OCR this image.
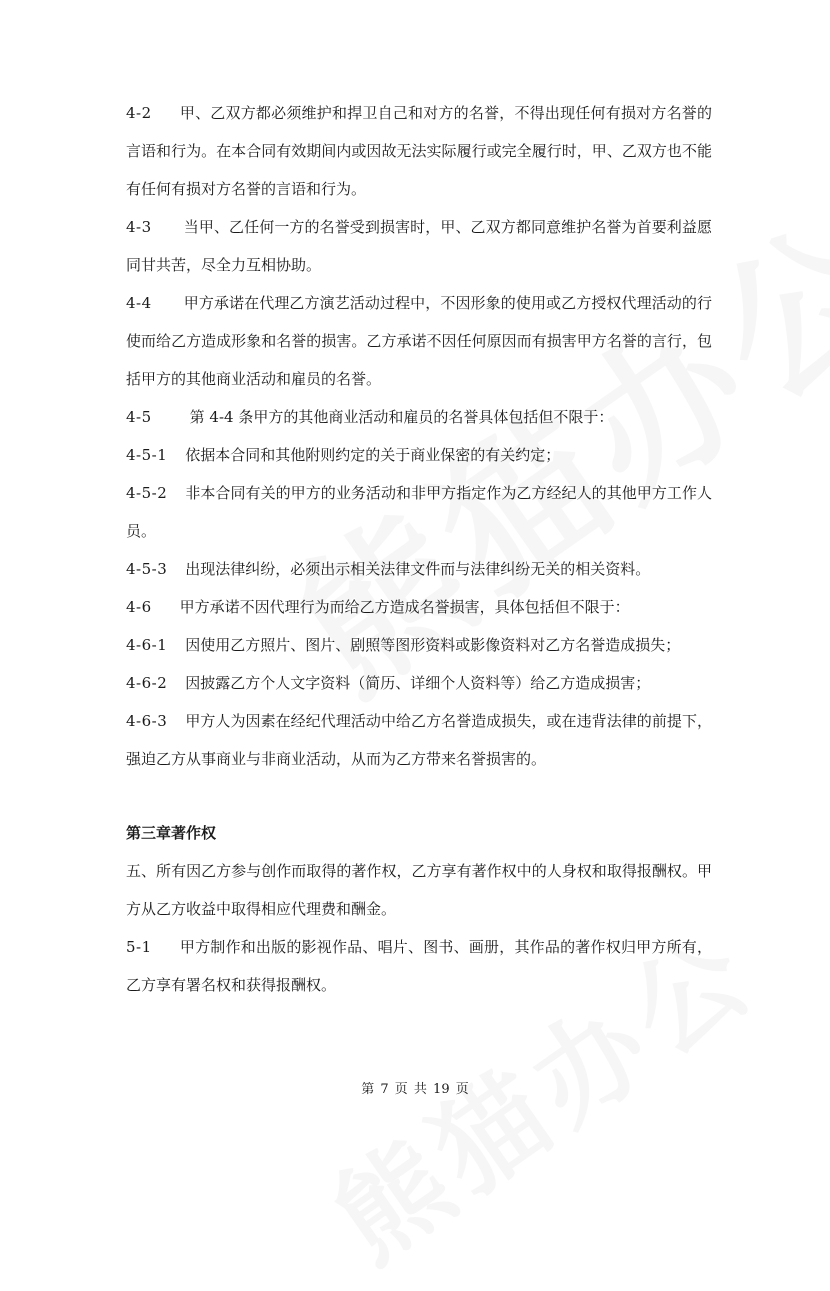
4-2 甲、乙双方都必须维护和捍卫自己和对方的名誉，不得出现任何有损对方名誉的言语和行为。在本合同有效期间内或因故无法实际履行或完全履行时，甲、乙双方也不能有任何有损对方名誉的言语和行为。

4-3 当甲、乙任何一方的名誉受到损害时，甲、乙双方都同意维护名誉为首要利益愿同甘共苦，尽全力互相协助。

4-4 甲方承诺在代理乙方演艺活动过程中，不因形象的使用或乙方授权代理活动的行使而给乙方造成形象和名誉的损害。乙方承诺不因任何原因而有损害甲方名誉的言行，包括甲方的其他商业活动和雇员的名誉。

4-5	第 4-4 条甲方的其他商业活动和雇员的名誉具体包括但不限于：

4-5-1 依据本合同和其他附则约定的关于商业保密的有关约定；

4-5-2 非本合同有关的甲方的业务活动和非甲方指定作为乙方经纪人的其他甲方工作人员。

4-5-3 出现法律纠纷，必须出示相关法律文件而与法律纠纷无关的相关资料。

4-6 甲方承诺不因代理行为而给乙方造成名誉损害，具体包括但不限于：

4-6-1 因使用乙方照片、图片、剧照等图形资料或影像资料对乙方名誉造成损失；

4-6-2 因披露乙方个人文字资料（简历、详细个人资料等）给乙方造成损害；

4-6-3 甲方人为因素在经纪代理活动中给乙方名誉造成损失，或在违背法律的前提下，强迫乙方从事商业与非商业活动，从而为乙方带来名誉损害的。

第三章著作权

五、所有因乙方参与创作而取得的著作权，乙方享有著作权中的人身权和取得报酬权。甲方从乙方收益中取得相应代理费和酬金。

5-1 甲方制作和出版的影视作品、唱片、图书、画册，其作品的著作权归甲方所有，乙方享有署名权和获得报酬权。

第 7 页 共 19 页
